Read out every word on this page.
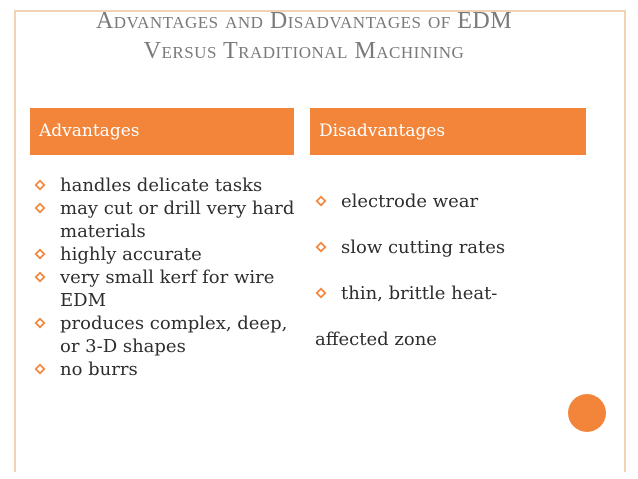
Advantages and Disadvantages of EDM
Versus Traditional Machining
Advantages	Disadvantages
handles delicate tasks
may cut or drill very hard materials
highly accurate
very small kerf for wire EDM
produces complex, deep, or 3-D shapes
no burrs
electrode wear
slow cutting rates
thin, brittle heat-
affected zone
